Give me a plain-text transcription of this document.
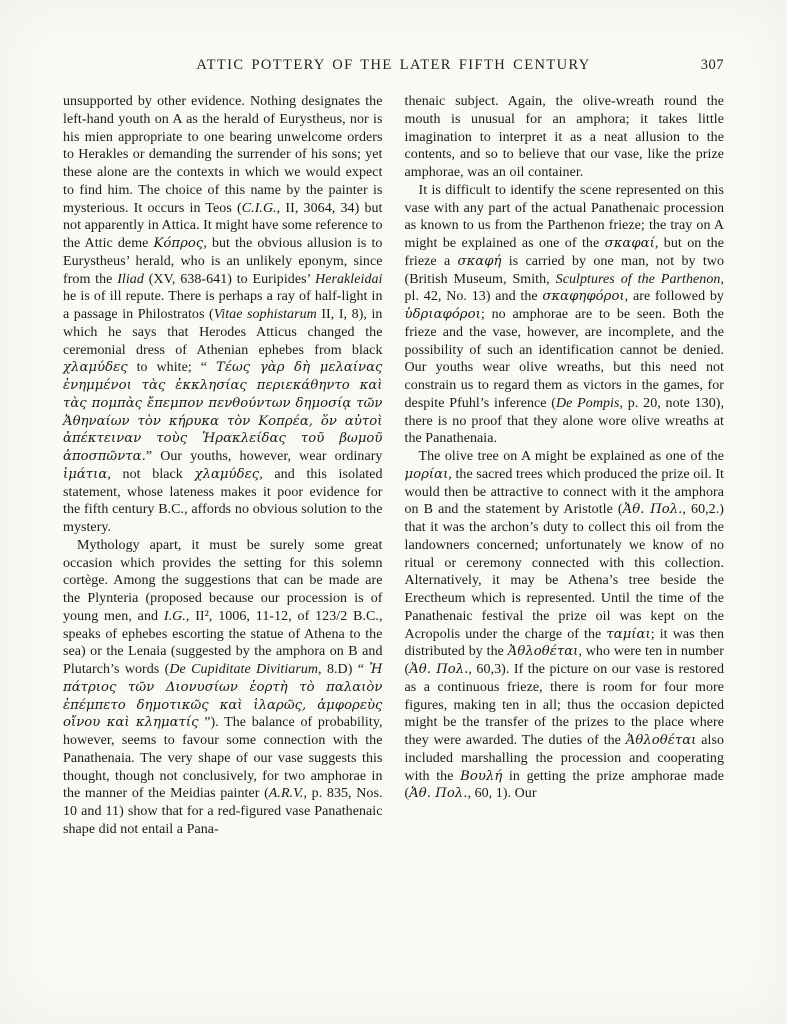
ATTIC POTTERY OF THE LATER FIFTH CENTURY	307

unsupported by other evidence. Nothing designates the left-hand youth on A as the herald of Eurystheus, nor is his mien appropriate to one bearing unwelcome orders to Herakles or demanding the surrender of his sons; yet these alone are the contexts in which we would expect to find him. The choice of this name by the painter is mysterious. It occurs in Teos (C.I.G., II, 3064, 34) but not apparently in Attica. It might have some reference to the Attic deme Κόπρος, but the obvious allusion is to Eurystheus’ herald, who is an unlikely eponym, since from the Iliad (XV, 638-641) to Euripides’ Herakleidai he is of ill repute. There is perhaps a ray of half-light in a passage in Philostratos (Vitae sophistarum II, I, 8), in which he says that Herodes Atticus changed the ceremonial dress of Athenian ephebes from black χλαμύδες to white; “ Τέως γὰρ δὴ μελαίνας ἐνημμένοι τὰς ἐκκλησίας περιεκάθηντο καὶ τὰς πομπὰς ἔπεμπον πενθούντων δημοσίᾳ τῶν Ἀθηναίων τὸν κήρυκα τὸν Κοπρέα, ὅν αὐτοὶ ἀπέκτειναν τοὺς Ἡρακλείδας τοῦ βωμοῦ ἀποσπῶντα.” Our youths, however, wear ordinary ἱμάτια, not black χλαμύδες, and this isolated statement, whose lateness makes it poor evidence for the fifth century B.C., affords no obvious solution to the mystery.

Mythology apart, it must be surely some great occasion which provides the setting for this solemn cortège. Among the suggestions that can be made are the Plynteria (proposed because our procession is of young men, and I.G., II², 1006, 11-12, of 123/2 B.C., speaks of ephebes escorting the statue of Athena to the sea) or the Lenaia (suggested by the amphora on B and Plutarch’s words (De Cupiditate Divitiarum, 8.D) “ Ἡ πάτριος τῶν Διονυσίων ἑορτὴ τὸ παλαιὸν ἐπέμπετο δημοτικῶς καὶ ἱλαρῶς, ἀμφορεὺς οἴνου καὶ κληματίς ”). The balance of probability, however, seems to favour some connection with the Panathenaia. The very shape of our vase suggests this thought, though not conclusively, for two amphorae in the manner of the Meidias painter (A.R.V., p. 835, Nos. 10 and 11) show that for a red-figured vase Panathenaic shape did not entail a Pana-

thenaic subject. Again, the olive-wreath round the mouth is unusual for an amphora; it takes little imagination to interpret it as a neat allusion to the contents, and so to believe that our vase, like the prize amphorae, was an oil container.

It is difficult to identify the scene represented on this vase with any part of the actual Panathenaic procession as known to us from the Parthenon frieze; the tray on A might be explained as one of the σκαφαί, but on the frieze a σκαφή is carried by one man, not by two (British Museum, Smith, Sculptures of the Parthenon, pl. 42, No. 13) and the σκαφηφόροι, are followed by ὑδριαφόροι; no amphorae are to be seen. Both the frieze and the vase, however, are incomplete, and the possibility of such an identification cannot be denied. Our youths wear olive wreaths, but this need not constrain us to regard them as victors in the games, for despite Pfuhl’s inference (De Pompis, p. 20, note 130), there is no proof that they alone wore olive wreaths at the Panathenaia.

The olive tree on A might be explained as one of the μορίαι, the sacred trees which produced the prize oil. It would then be attractive to connect with it the amphora on B and the statement by Aristotle (Ἀθ. Πολ., 60,2.) that it was the archon’s duty to collect this oil from the landowners concerned; unfortunately we know of no ritual or ceremony connected with this collection. Alternatively, it may be Athena’s tree beside the Erectheum which is represented. Until the time of the Panathenaic festival the prize oil was kept on the Acropolis under the charge of the ταμίαι; it was then distributed by the Ἀθλοθέται, who were ten in number (Ἀθ. Πολ., 60,3). If the picture on our vase is restored as a continuous frieze, there is room for four more figures, making ten in all; thus the occasion depicted might be the transfer of the prizes to the place where they were awarded. The duties of the Ἀθλοθέται also included marshalling the procession and cooperating with the Βουλή in getting the prize amphorae made (Ἀθ. Πολ., 60, 1). Our
